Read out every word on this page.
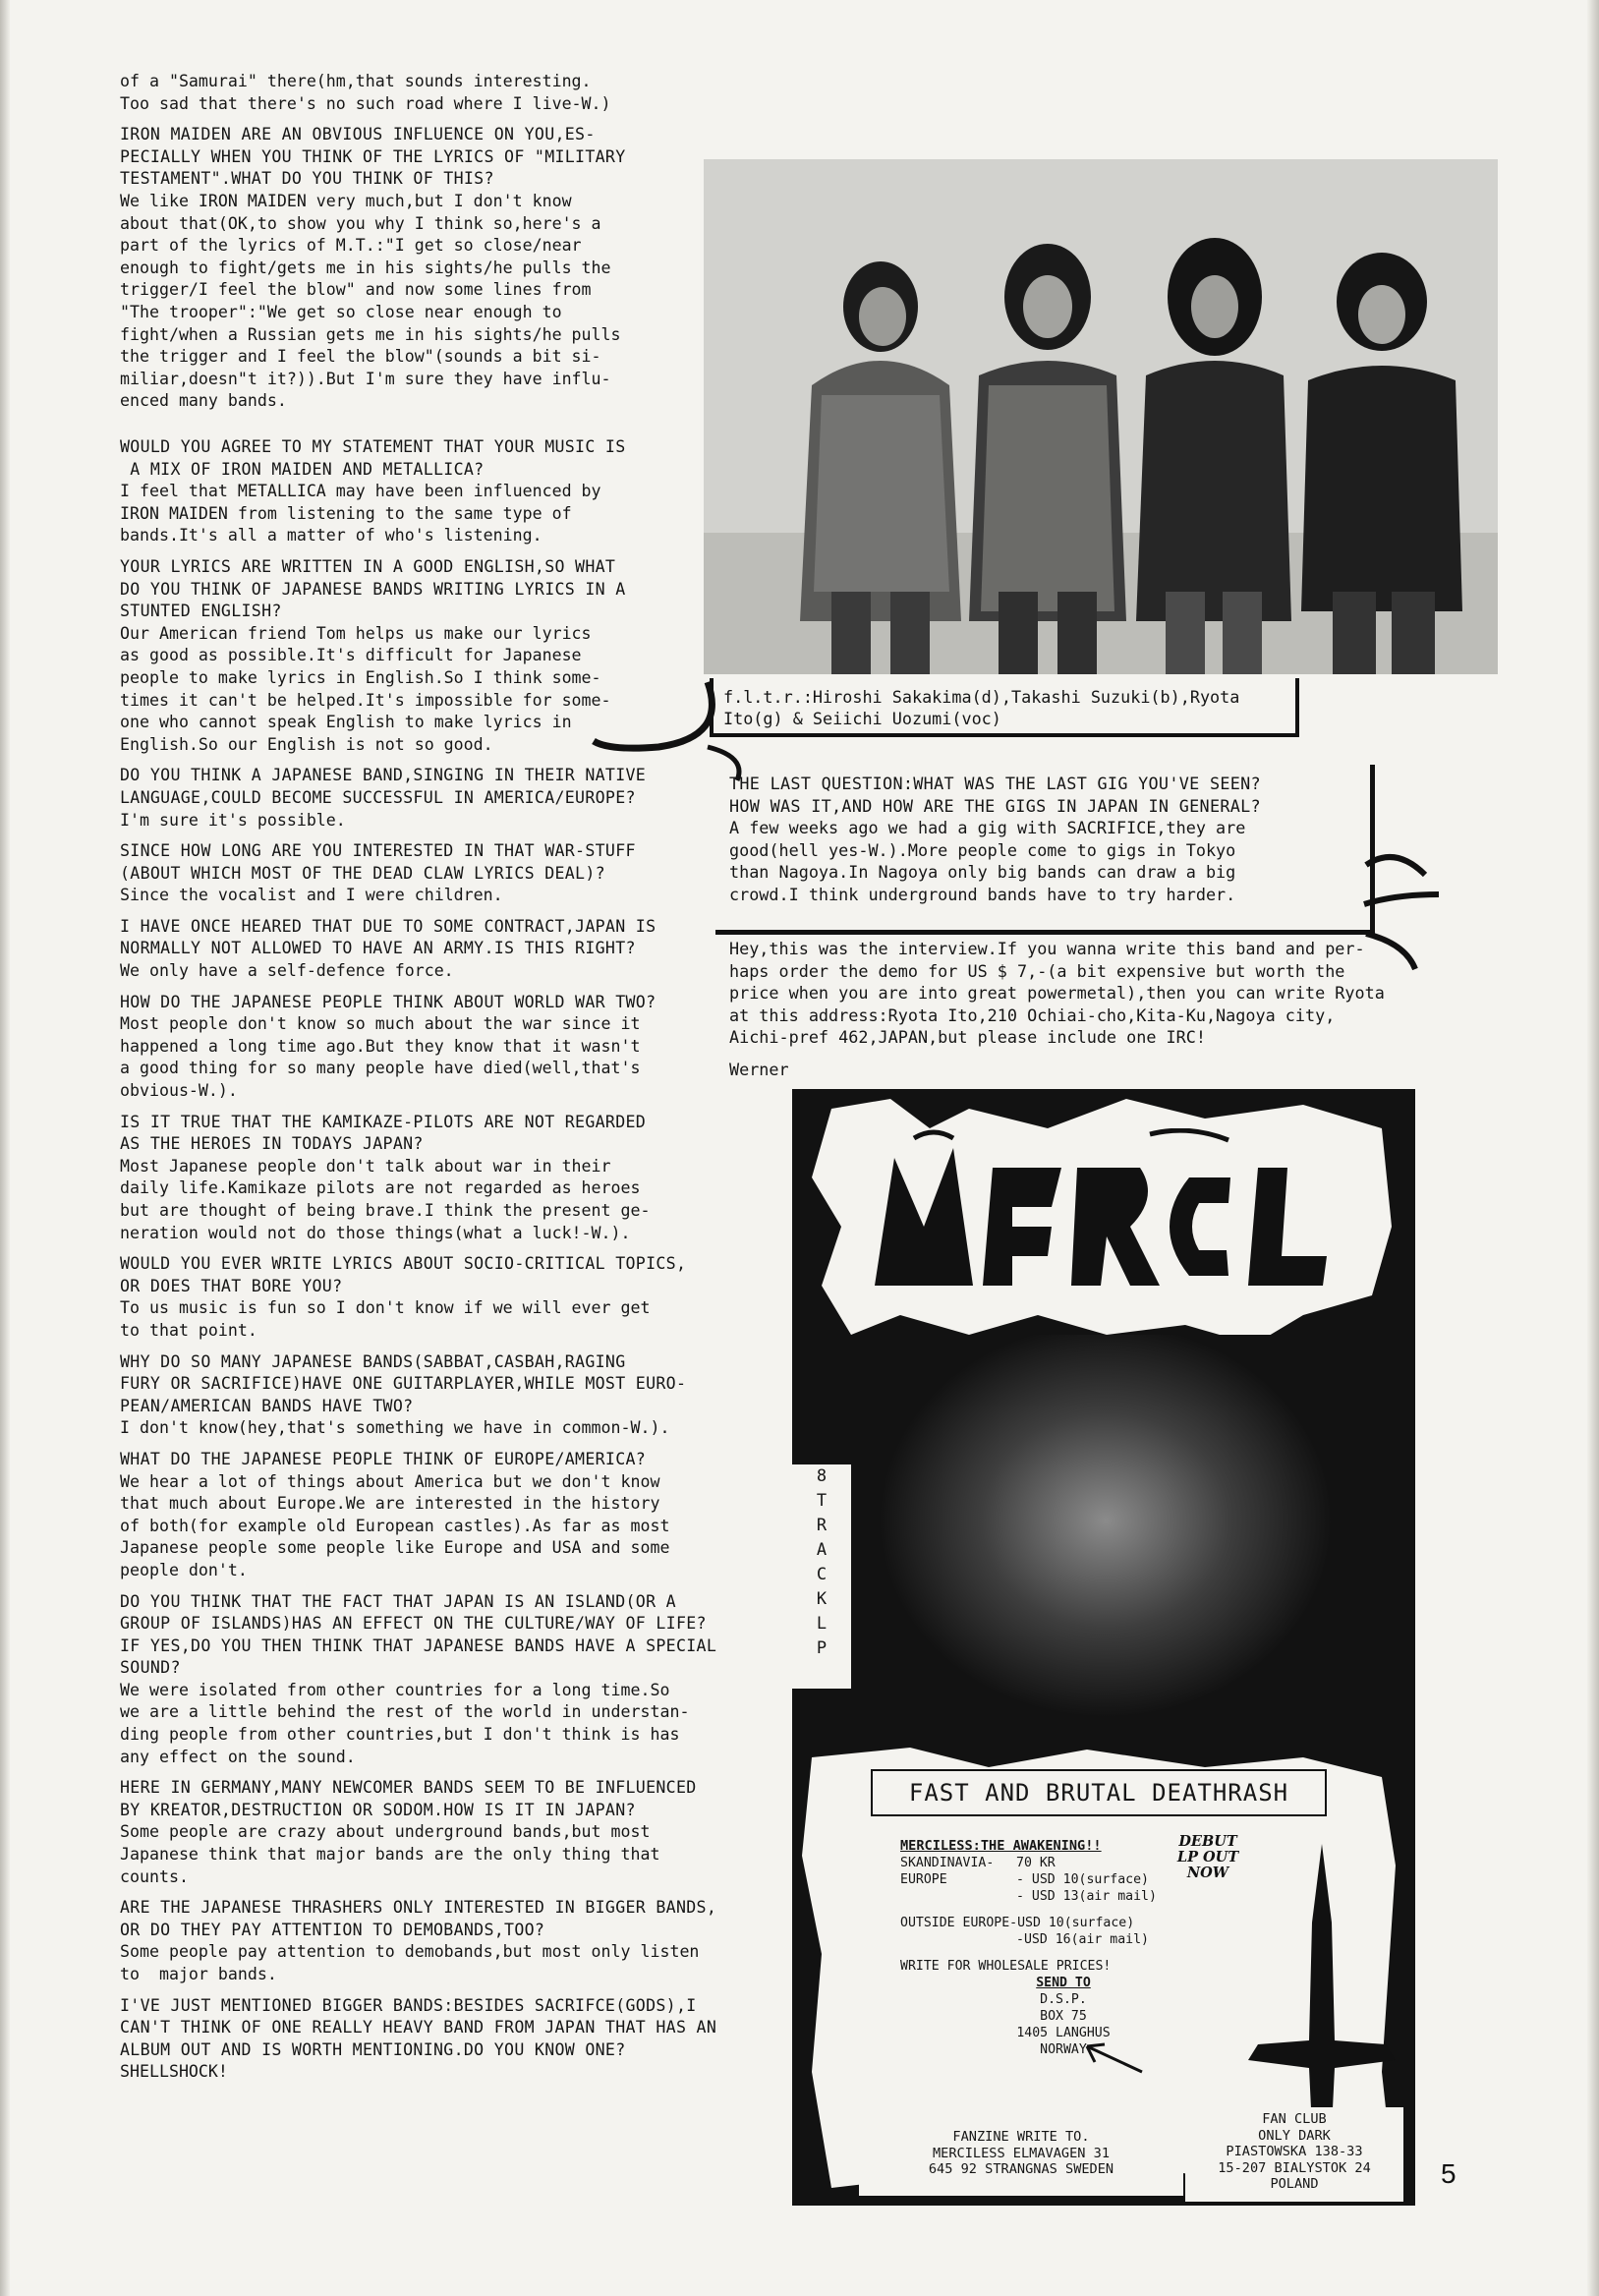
of a "Samurai" there(hm,that sounds interesting.
Too sad that there's no such road where I live-W.)

IRON MAIDEN ARE AN OBVIOUS INFLUENCE ON YOU,ES-
PECIALLY WHEN YOU THINK OF THE LYRICS OF "MILITARY
TESTAMENT".WHAT DO YOU THINK OF THIS?
We like IRON MAIDEN very much,but I don't know
about that(OK,to show you why I think so,here's a
part of the lyrics of M.T.:"I get so close/near
enough to fight/gets me in his sights/he pulls the
trigger/I feel the blow" and now some lines from
"The trooper":"We get so close near enough to
fight/when a Russian gets me in his sights/he pulls
the trigger and I feel the blow"(sounds a bit si-
miliar,doesn"t it?)).But I'm sure they have influ-
enced many bands.

WOULD YOU AGREE TO MY STATEMENT THAT YOUR MUSIC IS
A MIX OF IRON MAIDEN AND METALLICA?
I feel that METALLICA may have been influenced by
IRON MAIDEN from listening to the same type of
bands.It's all a matter of who's listening.

YOUR LYRICS ARE WRITTEN IN A GOOD ENGLISH,SO WHAT
DO YOU THINK OF JAPANESE BANDS WRITING LYRICS IN A
STUNTED ENGLISH?
Our American friend Tom helps us make our lyrics
as good as possible.It's difficult for Japanese
people to make lyrics in English.So I think some-
times it can't be helped.It's impossible for some-
one who cannot speak English to make lyrics in
English.So our English is not so good.

DO YOU THINK A JAPANESE BAND,SINGING IN THEIR NATIVE
LANGUAGE,COULD BECOME SUCCESSFUL IN AMERICA/EUROPE?
I'm sure it's possible.

SINCE HOW LONG ARE YOU INTERESTED IN THAT WAR-STUFF
(ABOUT WHICH MOST OF THE DEAD CLAW LYRICS DEAL)?
Since the vocalist and I were children.

I HAVE ONCE HEARED THAT DUE TO SOME CONTRACT,JAPAN IS
NORMALLY NOT ALLOWED TO HAVE AN ARMY.IS THIS RIGHT?
We only have a self-defence force.

HOW DO THE JAPANESE PEOPLE THINK ABOUT WORLD WAR TWO?
Most people don't know so much about the war since it
happened a long time ago.But they know that it wasn't
a good thing for so many people have died(well,that's
obvious-W.).

IS IT TRUE THAT THE KAMIKAZE-PILOTS ARE NOT REGARDED
AS THE HEROES IN TODAYS JAPAN?
Most Japanese people don't talk about war in their
daily life.Kamikaze pilots are not regarded as heroes
but are thought of being brave.I think the present ge-
neration would not do those things(what a luck!-W.).

WOULD YOU EVER WRITE LYRICS ABOUT SOCIO-CRITICAL TOPICS,
OR DOES THAT BORE YOU?
To us music is fun so I don't know if we will ever get
to that point.

WHY DO SO MANY JAPANESE BANDS(SABBAT,CASBAH,RAGING
FURY OR SACRIFICE)HAVE ONE GUITARPLAYER,WHILE MOST EURO-
PEAN/AMERICAN BANDS HAVE TWO?
I don't know(hey,that's something we have in common-W.).

WHAT DO THE JAPANESE PEOPLE THINK OF EUROPE/AMERICA?
We hear a lot of things about America but we don't know
that much about Europe.We are interested in the history
of both(for example old European castles).As far as most
Japanese people some people like Europe and USA and some
people don't.

DO YOU THINK THAT THE FACT THAT JAPAN IS AN ISLAND(OR A
GROUP OF ISLANDS)HAS AN EFFECT ON THE CULTURE/WAY OF LIFE?
IF YES,DO YOU THEN THINK THAT JAPANESE BANDS HAVE A SPECIAL
SOUND?
We were isolated from other countries for a long time.So
we are a little behind the rest of the world in understan-
ding people from other countries,but I don't think is has
any effect on the sound.

HERE IN GERMANY,MANY NEWCOMER BANDS SEEM TO BE INFLUENCED
BY KREATOR,DESTRUCTION OR SODOM.HOW IS IT IN JAPAN?
Some people are crazy about underground bands,but most
Japanese think that major bands are the only thing that
counts.

ARE THE JAPANESE THRASHERS ONLY INTERESTED IN BIGGER BANDS,
OR DO THEY PAY ATTENTION TO DEMOBANDS,TOO?
Some people pay attention to demobands,but most only listen
to  major bands.

I'VE JUST MENTIONED BIGGER BANDS:BESIDES SACRIFCE(GODS),I
CAN'T THINK OF ONE REALLY HEAVY BAND FROM JAPAN THAT HAS AN
ALBUM OUT AND IS WORTH MENTIONING.DO YOU KNOW ONE?
SHELLSHOCK!

f.l.t.r.:Hiroshi Sakakima(d),Takashi Suzuki(b),Ryota
Ito(g) & Seiichi Uozumi(voc)
THE LAST QUESTION:WHAT WAS THE LAST GIG YOU'VE SEEN?
HOW WAS IT,AND HOW ARE THE GIGS IN JAPAN IN GENERAL?
A few weeks ago we had a gig with SACRIFICE,they are
good(hell yes-W.).More people come to gigs in Tokyo
than Nagoya.In Nagoya only big bands can draw a big
crowd.I think underground bands have to try harder.
Hey,this was the interview.If you wanna write this band and per-
haps order the demo for US $ 7,-(a bit expensive but worth the
price when you are into great powermetal),then you can write Ryota
at this address:Ryota Ito,210 Ochiai-cho,Kita-Ku,Nagoya city,
Aichi-pref 462,JAPAN,but please include one IRC!
Werner
8
T
R
A
C
K
L
P
FAST AND BRUTAL DEATHRASH
MERCILESS:THE AWAKENING!!
SKANDINAVIA-	70 KR
EUROPE	- USD 10(surface)
- USD 13(air mail)
OUTSIDE EUROPE-USD 10(surface)
-USD 16(air mail)
WRITE FOR WHOLESALE PRICES!
SEND TO
D.S.P.
BOX 75
1405 LANGHUS
NORWAY
DEBUT
LP OUT
NOW
FANZINE WRITE TO.
MERCILESS ELMAVAGEN 31
645 92 STRANGNAS SWEDEN
FAN CLUB
ONLY DARK
PIASTOWSKA 138-33
15-207 BIALYSTOK 24
POLAND	5
